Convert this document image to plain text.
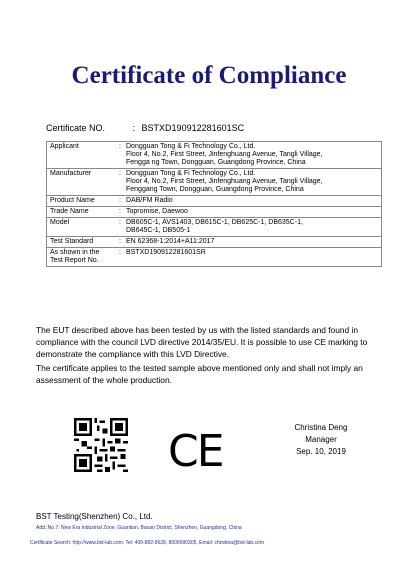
Certificate of Compliance
Certificate NO.	: BSTXD190912281601SC
Applicant	:	Dongguan Tong & Fi Technology Co., Ltd.
Floor 4, No.2, First Street, Jinfenghuang Avenue, Tangli Village,
Fengga ng Town, Dongguan, Guangdong Province, China

Manufacturer	:	Dongguan Tong & Fi Technology Co., Ltd.
Floor 4, No.2, First Street, Jinfenghuang Avenue, Tangli Village,
Fenggang Town, Dongguan, Guangdong Province, China

Product Name	:	DAB/FM Radio

Trade Name	:	Topromise, Daewoo

Model	:	DB605C-1, AVS1403, DB615C-1, DB625C-1, DB635C-1,
DB645C-1, DB505-1

Test Standard	:	EN 62368-1:2014+A11:2017

As shown in the Test Report No.	:	BSTXD190912281601SR
The EUT described above has been tested by us with the listed standards and found in compliance with the council LVD directive 2014/35/EU. It is possible to use CE marking to demonstrate the compliance with this LVD Directive.
The certificate applies to the tested sample above mentioned only and shall not imply an assessment of the whole production.
CE	Christina Deng
Manager
Sep. 10, 2019
BST Testing(Shenzhen) Co., Ltd.
Add.:No.7, New Era Industrial Zone, Guantian, Baoan District, Shenzhen, Guangdong, China
Certificate Search: http://www.bst-lab.com, Tel: 400-882-9628, 8009990305, Email: christina@bst-lab.com
